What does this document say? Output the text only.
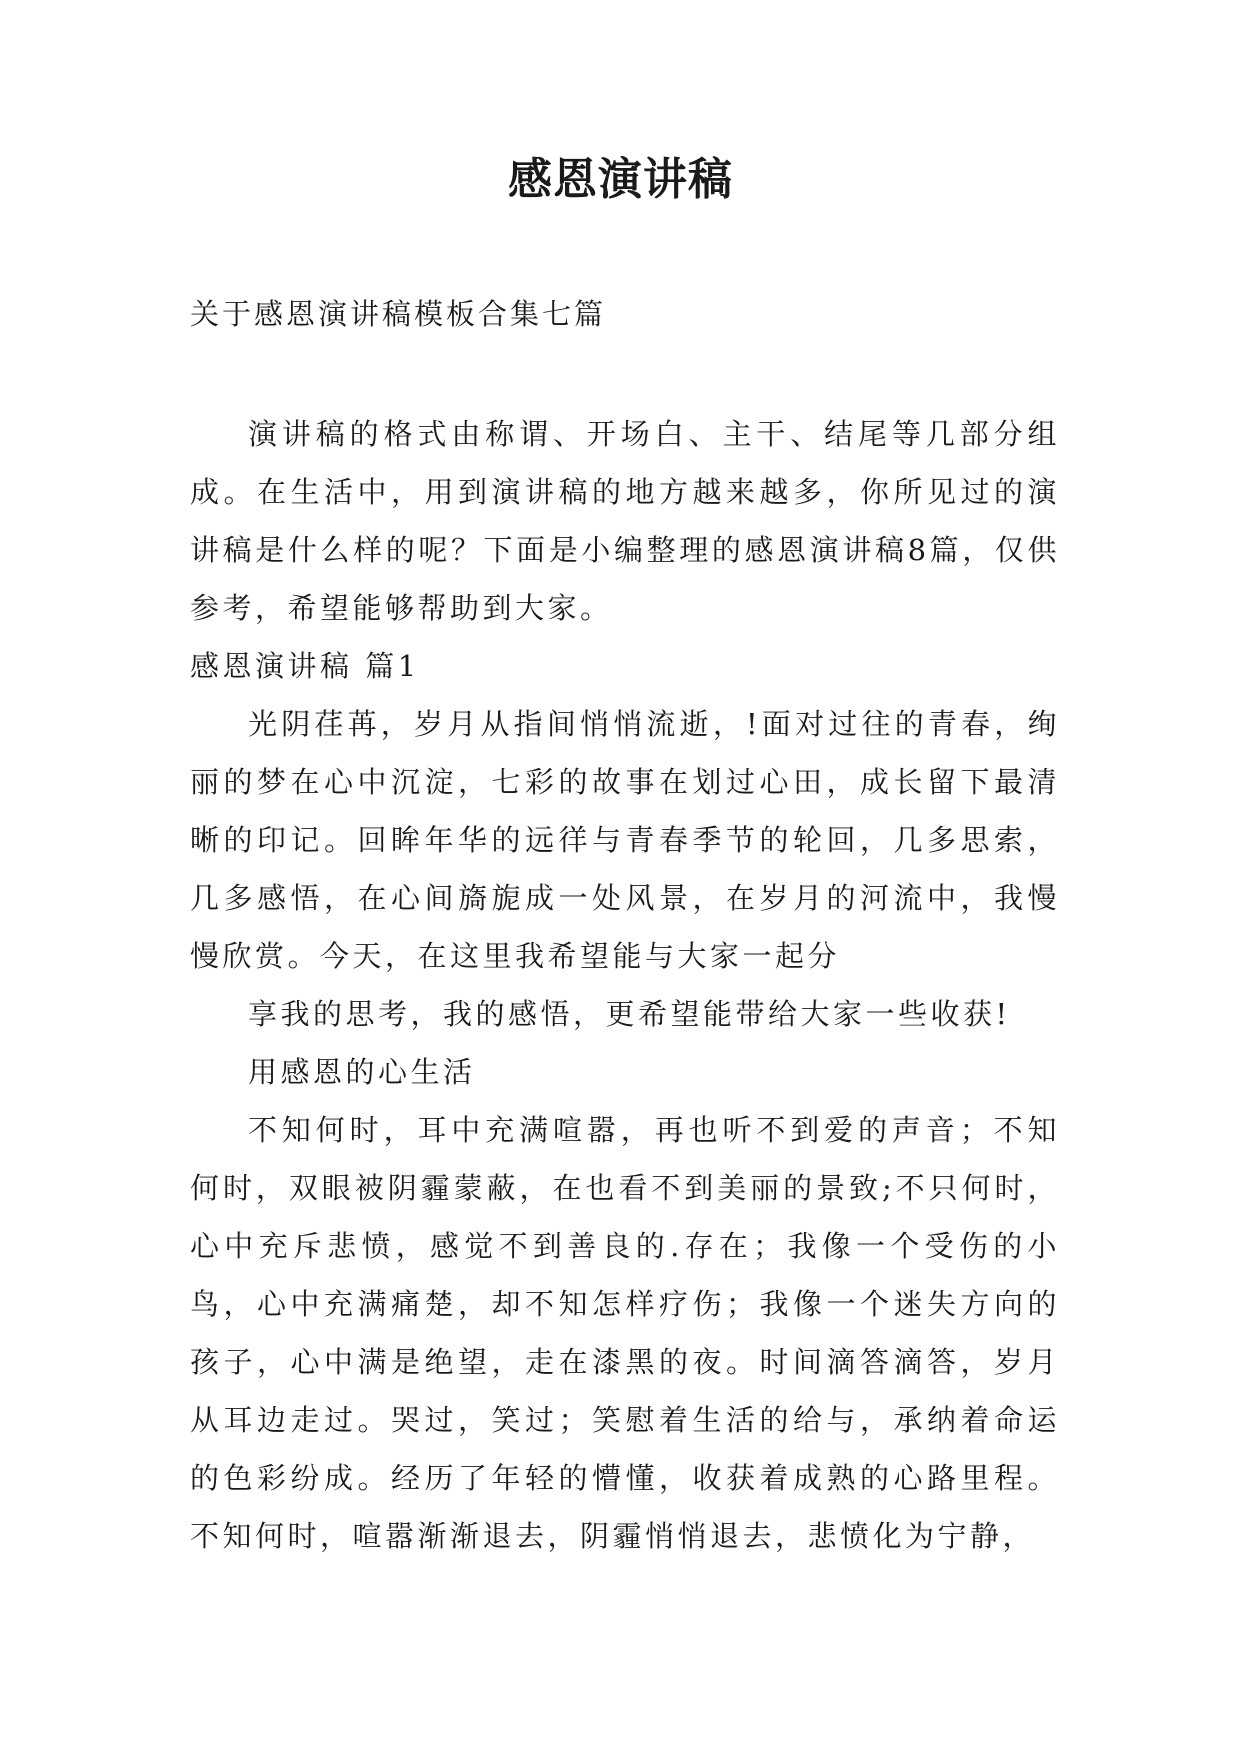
感恩演讲稿
关于感恩演讲稿模板合集七篇

演讲稿的格式由称谓、开场白、主干、结尾等几部分组成。在生活中，用到演讲稿的地方越来越多，你所见过的演讲稿是什么样的呢？下面是小编整理的感恩演讲稿8篇，仅供参考，希望能够帮助到大家。

感恩演讲稿 篇1

光阴荏苒，岁月从指间悄悄流逝，!面对过往的青春，绚丽的梦在心中沉淀，七彩的故事在划过心田，成长留下最清晰的印记。回眸年华的远徉与青春季节的轮回，几多思索，几多感悟，在心间旖旎成一处风景，在岁月的河流中，我慢慢欣赏。今天，在这里我希望能与大家一起分

享我的思考，我的感悟，更希望能带给大家一些收获!

用感恩的心生活

不知何时，耳中充满喧嚣，再也听不到爱的声音；不知何时，双眼被阴霾蒙蔽，在也看不到美丽的景致;不只何时，心中充斥悲愤，感觉不到善良的.存在；我像一个受伤的小鸟，心中充满痛楚，却不知怎样疗伤；我像一个迷失方向的孩子，心中满是绝望，走在漆黑的夜。时间滴答滴答，岁月从耳边走过。哭过，笑过；笑慰着生活的给与，承纳着命运的色彩纷成。经历了年轻的懵懂，收获着成熟的心路里程。不知何时，喧嚣渐渐退去，阴霾悄悄退去，悲愤化为宁静，
